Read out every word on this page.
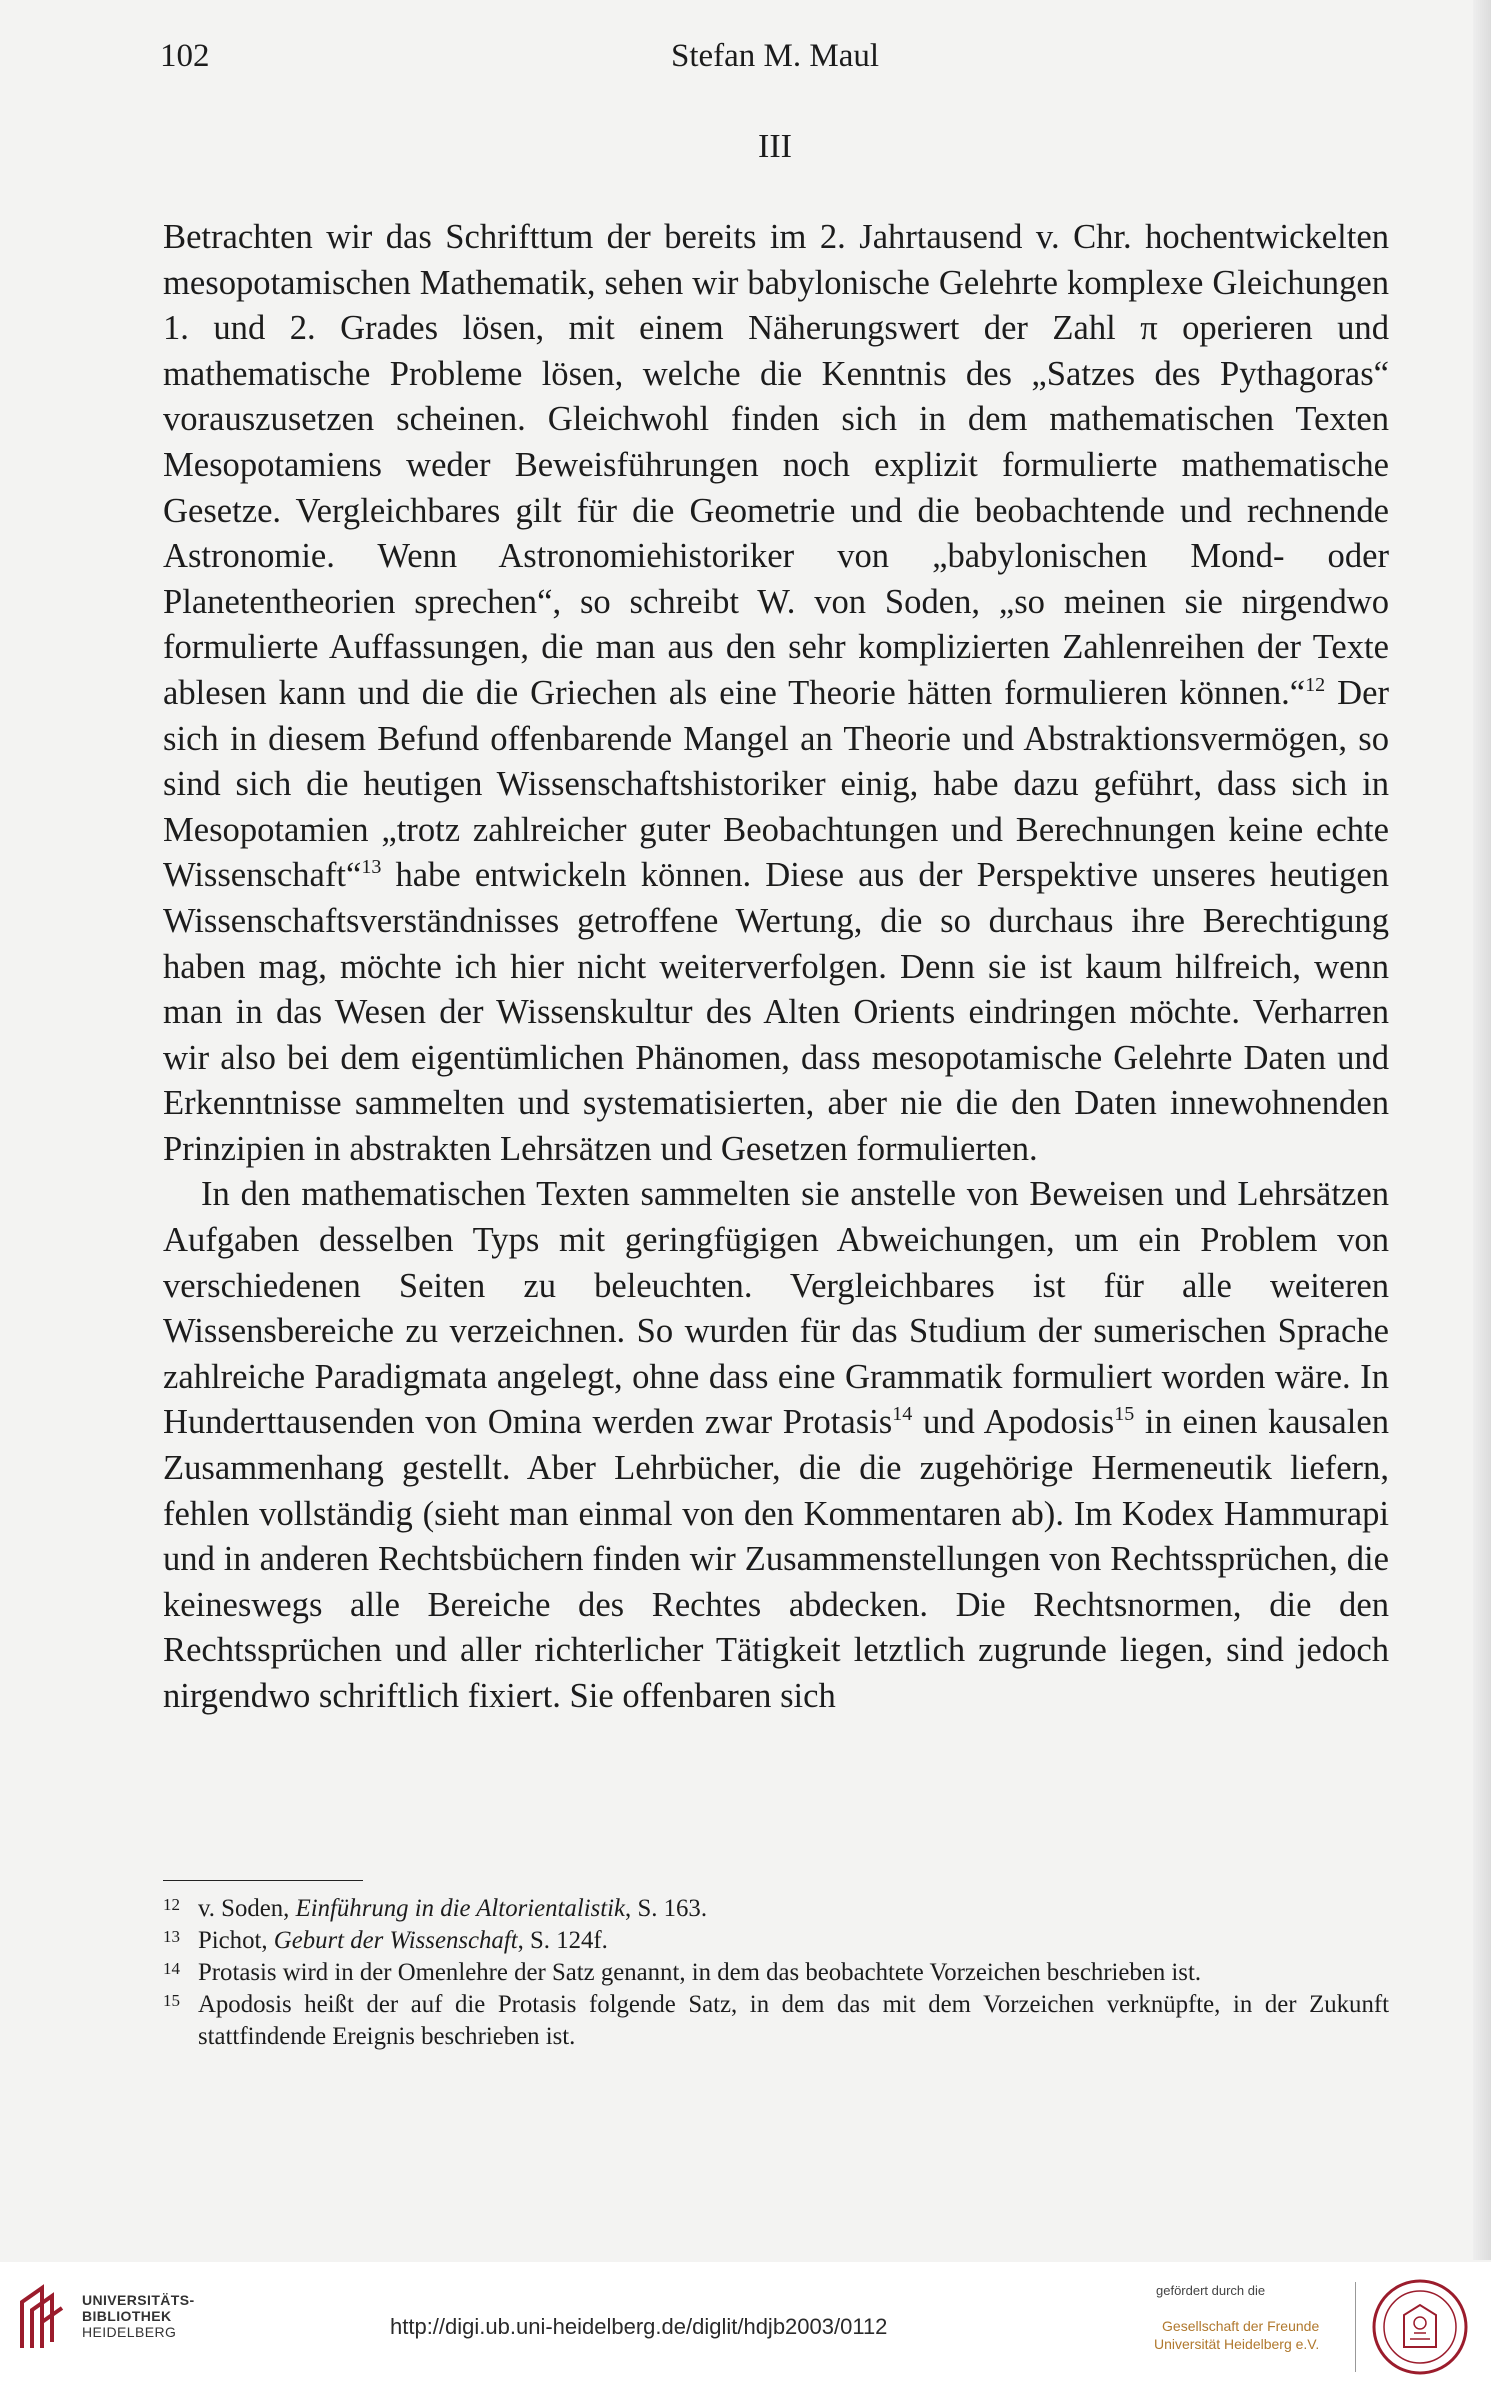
102	Stefan M. Maul
III

Betrachten wir das Schrifttum der bereits im 2. Jahrtausend v. Chr. hochentwickelten mesopotamischen Mathematik, sehen wir babylonische Gelehrte komplexe Gleichungen 1. und 2. Grades lösen, mit einem Näherungswert der Zahl π operieren und mathematische Probleme lösen, welche die Kenntnis des „Satzes des Pythagoras“ vorauszusetzen scheinen. Gleichwohl finden sich in dem mathematischen Texten Mesopotamiens weder Beweisführungen noch explizit formulierte mathematische Gesetze. Vergleichbares gilt für die Geometrie und die beobachtende und rechnende Astronomie. Wenn Astronomiehistoriker von „babylonischen Mond- oder Planetentheorien sprechen“, so schreibt W. von Soden, „so meinen sie nirgendwo formulierte Auffassungen, die man aus den sehr komplizierten Zahlenreihen der Texte ablesen kann und die die Griechen als eine Theorie hätten formulieren können.“$^{12}$ Der sich in diesem Befund offenbarende Mangel an Theorie und Abstraktionsvermögen, so sind sich die heutigen Wissenschaftshistoriker einig, habe dazu geführt, dass sich in Mesopotamien „trotz zahlreicher guter Beobachtungen und Berechnungen keine echte Wissenschaft“$^{13}$ habe entwickeln können. Diese aus der Perspektive unseres heutigen Wissenschaftsverständnisses getroffene Wertung, die so durchaus ihre Berechtigung haben mag, möchte ich hier nicht weiterverfolgen. Denn sie ist kaum hilfreich, wenn man in das Wesen der Wissenskultur des Alten Orients eindringen möchte. Verharren wir also bei dem eigentümlichen Phänomen, dass mesopotamische Gelehrte Daten und Erkenntnisse sammelten und systematisierten, aber nie die den Daten innewohnenden Prinzipien in abstrakten Lehrsätzen und Gesetzen formulierten.

In den mathematischen Texten sammelten sie anstelle von Beweisen und Lehrsätzen Aufgaben desselben Typs mit geringfügigen Abweichungen, um ein Problem von verschiedenen Seiten zu beleuchten. Vergleichbares ist für alle weiteren Wissensbereiche zu verzeichnen. So wurden für das Studium der sumerischen Sprache zahlreiche Paradigmata angelegt, ohne dass eine Grammatik formuliert worden wäre. In Hunderttausenden von Omina werden zwar Protasis$^{14}$ und Apodosis$^{15}$ in einen kausalen Zusammenhang gestellt. Aber Lehrbücher, die die zugehörige Hermeneutik liefern, fehlen vollständig (sieht man einmal von den Kommentaren ab). Im Kodex Hammurapi und in anderen Rechtsbüchern finden wir Zusammenstellungen von Rechtssprüchen, die keineswegs alle Bereiche des Rechtes abdecken. Die Rechtsnormen, die den Rechtssprüchen und aller richterlicher Tätigkeit letztlich zugrunde liegen, sind jedoch nirgendwo schriftlich fixiert. Sie offenbaren sich

12 v. Soden, Einführung in die Altorientalistik, S. 163.
13 Pichot, Geburt der Wissenschaft, S. 124f.
14 Protasis wird in der Omenlehre der Satz genannt, in dem das beobachtete Vorzeichen beschrieben ist.
15 Apodosis heißt der auf die Protasis folgende Satz, in dem das mit dem Vorzeichen verknüpfte, in der Zukunft stattfindende Ereignis beschrieben ist.
UNIVERSITÄTS-
BIBLIOTHEK
HEIDELBERG	http://digi.ub.uni-heidelberg.de/diglit/hdjb2003/0112
gefördert durch die
Gesellschaft der Freunde
Universität Heidelberg e.V.
